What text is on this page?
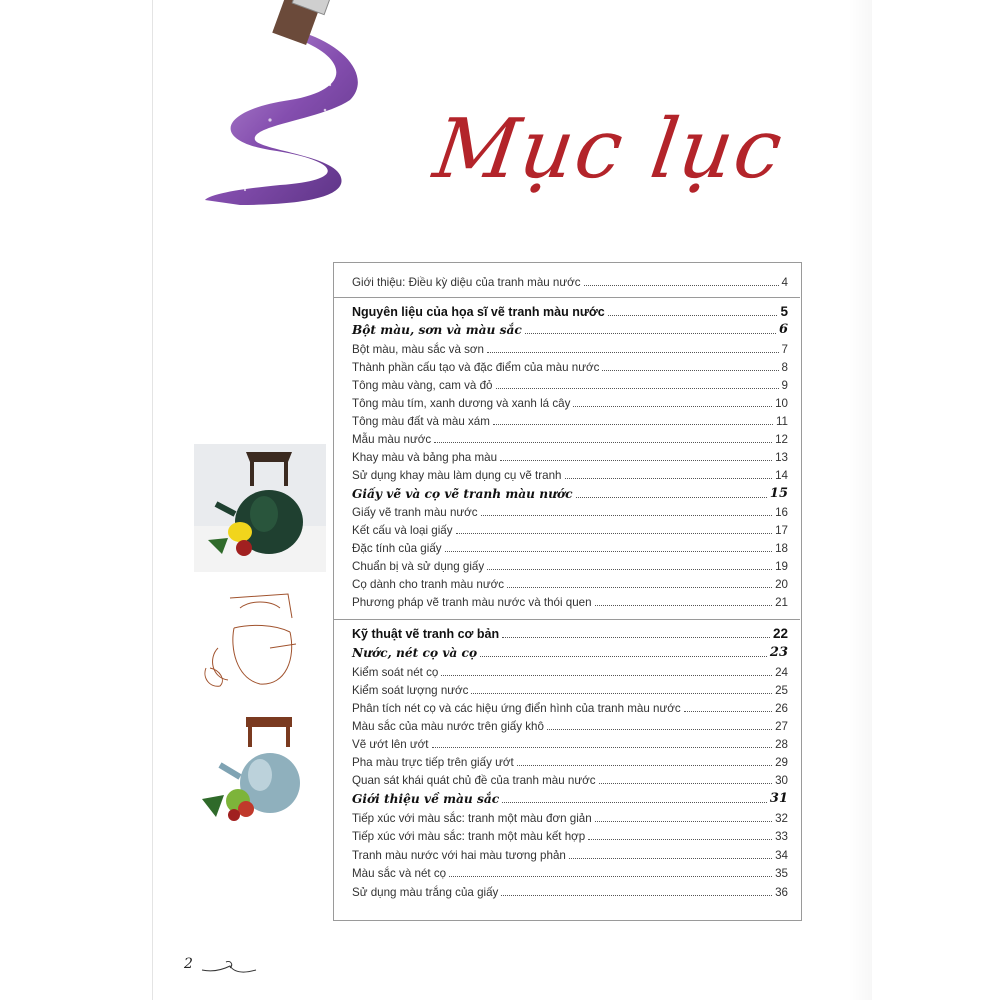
Mục lục
Giới thiệu: Điều kỳ diệu của tranh màu nước	4
Nguyên liệu của họa sĩ vẽ tranh màu nước	5
Bột màu, sơn và màu sắc	6
Bột màu, màu sắc và sơn	7
Thành phần cấu tạo và đặc điểm của màu nước	8
Tông màu vàng, cam và đỏ	9
Tông màu tím, xanh dương và xanh lá cây	10
Tông màu đất và màu xám	11
Mẫu màu nước	12
Khay màu và bảng pha màu	13
Sử dụng khay màu làm dụng cụ vẽ tranh	14
Giấy vẽ và cọ vẽ tranh màu nước	15
Giấy vẽ tranh màu nước	16
Kết cấu và loại giấy	17
Đặc tính của giấy	18
Chuẩn bị và sử dụng giấy	19
Cọ dành cho tranh màu nước	20
Phương pháp vẽ tranh màu nước và thói quen	21
Kỹ thuật vẽ tranh cơ bản	22
Nước, nét cọ và cọ	23
Kiểm soát nét cọ	24
Kiểm soát lượng nước	25
Phân tích nét cọ và các hiệu ứng điển hình của tranh màu nước	26
Màu sắc của màu nước trên giấy khô	27
Vẽ ướt lên ướt	28
Pha màu trực tiếp trên giấy ướt	29
Quan sát khái quát chủ đề của tranh màu nước	30
Giới thiệu về màu sắc	31
Tiếp xúc với màu sắc: tranh một màu đơn giản	32
Tiếp xúc với màu sắc: tranh một màu kết hợp	33
Tranh màu nước với hai màu tương phản	34
Màu sắc và nét cọ	35
Sử dụng màu trắng của giấy	36
2
